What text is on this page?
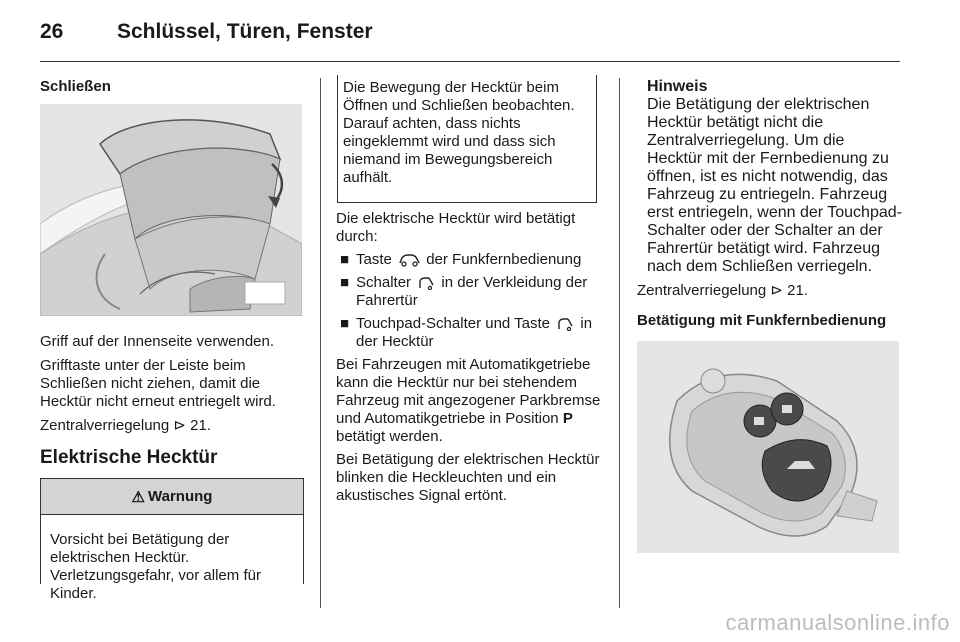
26	Schlüssel, Türen, Fenster

Schließen

Griff auf der Innenseite verwenden.

Grifftaste unter der Leiste beim Schließen nicht ziehen, damit die Hecktür nicht erneut entriegelt wird.

Zentralverriegelung ⊳ 21.

Elektrische Hecktür

⚠ Warnung
Vorsicht bei Betätigung der elektrischen Hecktür. Verletzungsgefahr, vor allem für Kinder.
Die Bewegung der Hecktür beim Öffnen und Schließen beobachten. Darauf achten, dass nichts eingeklemmt wird und dass sich niemand im Bewegungsbereich aufhält.

Die elektrische Hecktür wird betätigt durch:

■ Taste der Funkfernbedienung
■ Schalter in der Verkleidung der Fahrertür
■ Touchpad-Schalter und Taste in der Hecktür

Bei Fahrzeugen mit Automatikgetriebe kann die Hecktür nur bei stehendem Fahrzeug mit angezogener Parkbremse und Automatikgetriebe in Position P betätigt werden.

Bei Betätigung der elektrischen Hecktür blinken die Heckleuchten und ein akustisches Signal ertönt.

Hinweis
Die Betätigung der elektrischen
Hecktür betätigt nicht die Zentralverriegelung. Um die Hecktür mit der Fernbedienung zu öffnen, ist es nicht notwendig, das Fahrzeug zu entriegeln. Fahrzeug erst entriegeln, wenn der Touchpad-Schalter oder der Schalter an der Fahrertür betätigt wird. Fahrzeug nach dem Schließen verriegeln.

Zentralverriegelung ⊳ 21.

Betätigung mit Funkfernbedienung

carmanualsonline.info
